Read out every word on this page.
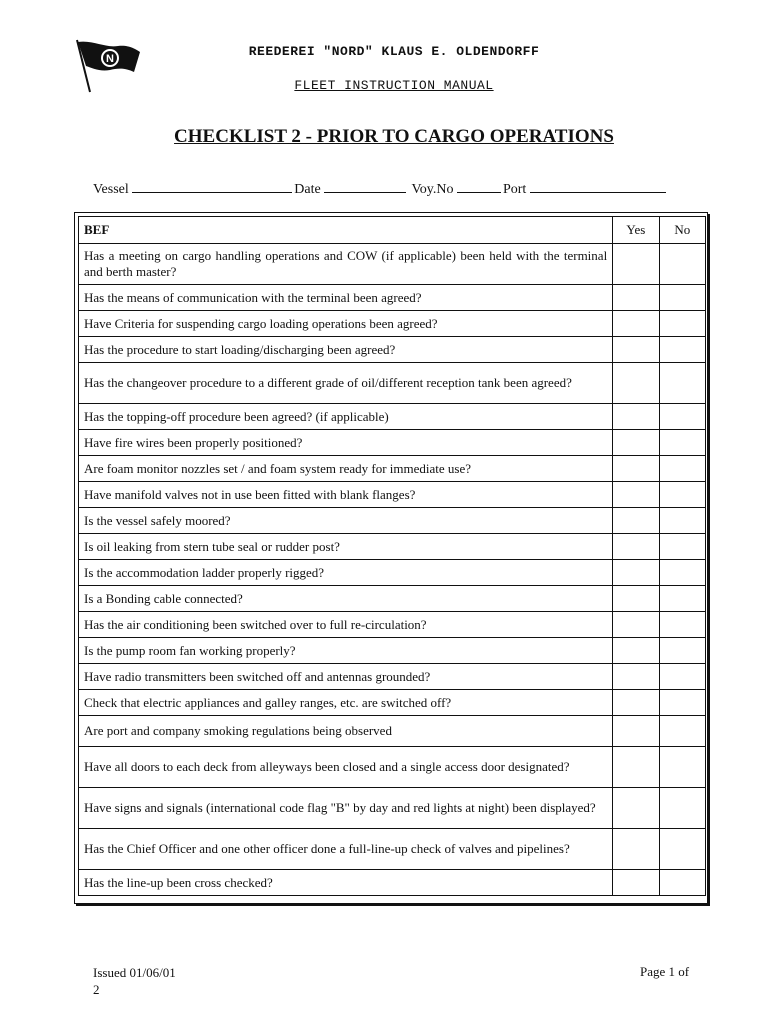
N	REEDEREI "NORD" KLAUS E. OLDENDORFF
FLEET INSTRUCTION MANUAL
CHECKLIST 2 - PRIOR TO CARGO OPERATIONS
Vessel	Date	Voy.No	Port
BEF	Yes	No
Has a meeting on cargo handling operations and COW (if applicable) been held with the terminal and berth master?		
Has the means of communication with the terminal been agreed?		
Have Criteria for suspending cargo loading operations been agreed?		
Has the procedure to start loading/discharging been agreed?		
Has the changeover procedure to a different grade of oil/different reception tank been agreed?		
Has the topping-off procedure been agreed? (if applicable)		
Have fire wires been properly positioned?		
Are foam monitor nozzles set / and foam system ready for immediate use?		
Have manifold valves not in use been fitted with blank flanges?		
Is the vessel safely moored?		
Is oil leaking from stern tube seal or rudder post?		
Is the accommodation ladder properly rigged?		
Is a Bonding cable connected?		
Has the air conditioning been switched over to full re-circulation?		
Is the pump room fan working properly?		
Have radio transmitters been switched off and antennas grounded?		
Check that electric appliances and galley ranges, etc. are switched off?		
Are port and company smoking regulations being observed		
Have all doors to each deck from alleyways been closed and a single access door designated?		
Have signs and signals (international code flag "B" by day and red lights at night) been displayed?		
Has the Chief Officer and one other officer done a full-line-up check of valves and pipelines?		
Has the line-up been cross checked?		
Issued 01/06/01
2
Page 1 of
